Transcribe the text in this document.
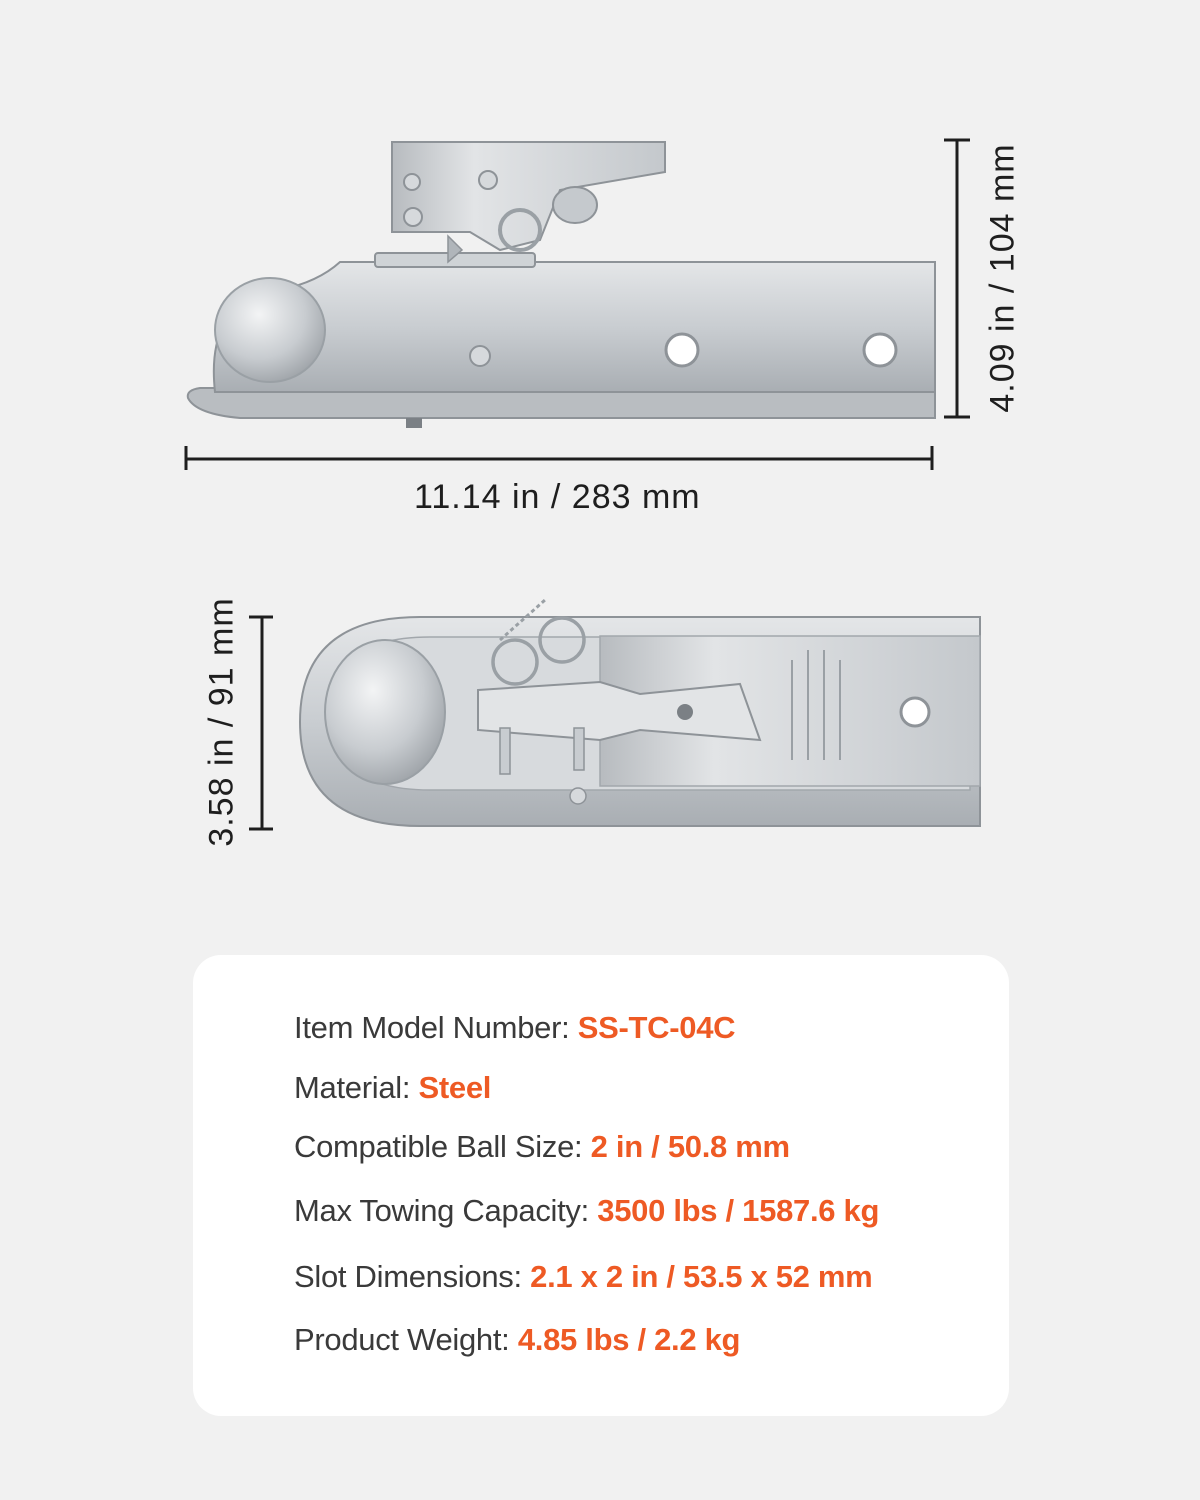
11.14 in / 283 mm
4.09 in / 104 mm
3.58 in / 91 mm
Item Model Number: SS-TC-04C
Material: Steel
Compatible Ball Size: 2 in / 50.8 mm
Max Towing Capacity: 3500 lbs / 1587.6 kg
Slot Dimensions: 2.1 x 2 in / 53.5 x 52 mm
Product Weight: 4.85 lbs / 2.2 kg
